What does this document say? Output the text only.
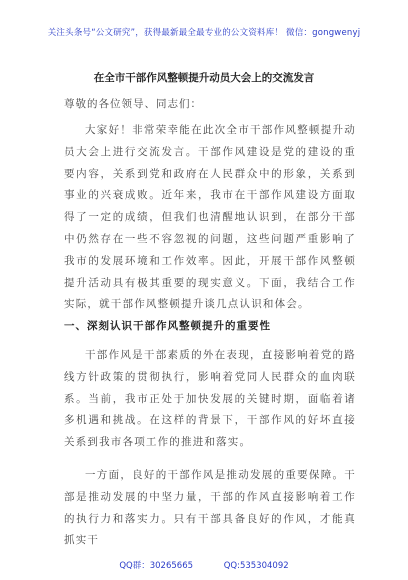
关注头条号“公文研究”，获得最新最全最专业的公文资料库！ 微信：gongwenyj
在全市干部作风整顿提升动员大会上的交流发言
尊敬的各位领导、同志们：

大家好！非常荣幸能在此次全市干部作风整顿提升动员大会上进行交流发言。干部作风建设是党的建设的重要内容，关系到党和政府在人民群众中的形象，关系到事业的兴衰成败。近年来，我市在干部作风建设方面取得了一定的成绩，但我们也清醒地认识到，在部分干部中仍然存在一些不容忽视的问题，这些问题严重影响了我市的发展环境和工作效率。因此，开展干部作风整顿提升活动具有极其重要的现实意义。下面，我结合工作实际，就干部作风整顿提升谈几点认识和体会。

一、深刻认识干部作风整顿提升的重要性

干部作风是干部素质的外在表现，直接影响着党的路线方针政策的贯彻执行，影响着党同人民群众的血肉联系。当前，我市正处于加快发展的关键时期，面临着诸多机遇和挑战。在这样的背景下，干部作风的好坏直接关系到我市各项工作的推进和落实。

一方面，良好的干部作风是推动发展的重要保障。干部是推动发展的中坚力量，干部的作风直接影响着工作的执行力和落实力。只有干部具备良好的作风，才能真抓实干

QQ群：30265665	QQ:535304092
